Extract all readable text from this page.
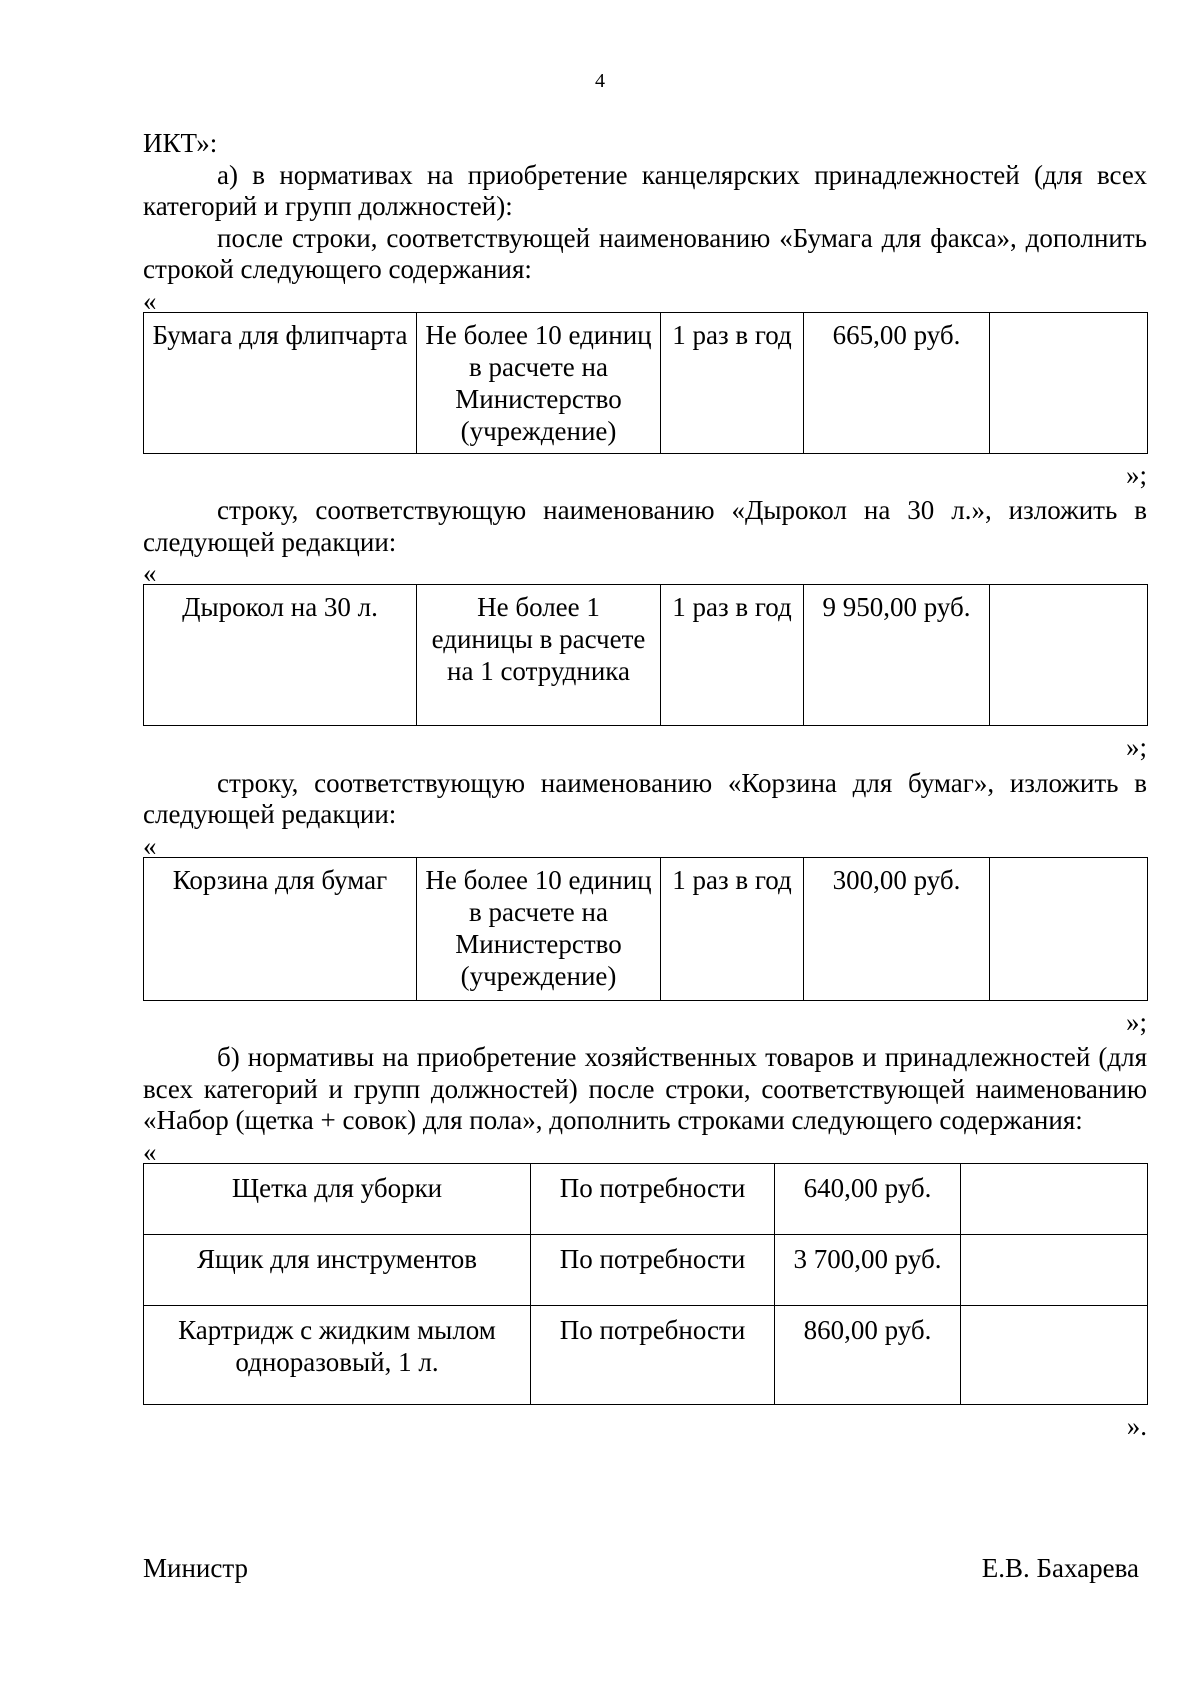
4

ИКТ»:

а) в нормативах на приобретение канцелярских принадлежностей (для всех категорий и групп должностей):

после строки, соответствующей наименованию «Бумага для факса», дополнить строкой следующего содержания:

«

Бумага для флипчарта	Не более 10 единиц в расчете на Министерство (учреждение)	1 раз в год	665,00 руб.	

»;

строку, соответствующую наименованию «Дырокол на 30 л.», изложить в следующей редакции:

«

Дырокол на 30 л.	Не более 1 единицы в расчете на 1 сотрудника	1 раз в год	9 950,00 руб.	

»;

строку, соответствующую наименованию «Корзина для бумаг», изложить в следующей редакции:

«

Корзина для бумаг	Не более 10 единиц в расчете на Министерство (учреждение)	1 раз в год	300,00 руб.	

»;

б) нормативы на приобретение хозяйственных товаров и принадлежностей (для всех категорий и групп должностей) после строки, соответствующей наименованию «Набор (щетка + совок) для пола», дополнить строками следующего содержания:

«

Щетка для уборки	По потребности	640,00 руб.	
Ящик для инструментов	По потребности	3 700,00 руб.	
Картридж с жидким мылом одноразовый, 1 л.	По потребности	860,00 руб.	

».

Министр	Е.В. Бахарева
